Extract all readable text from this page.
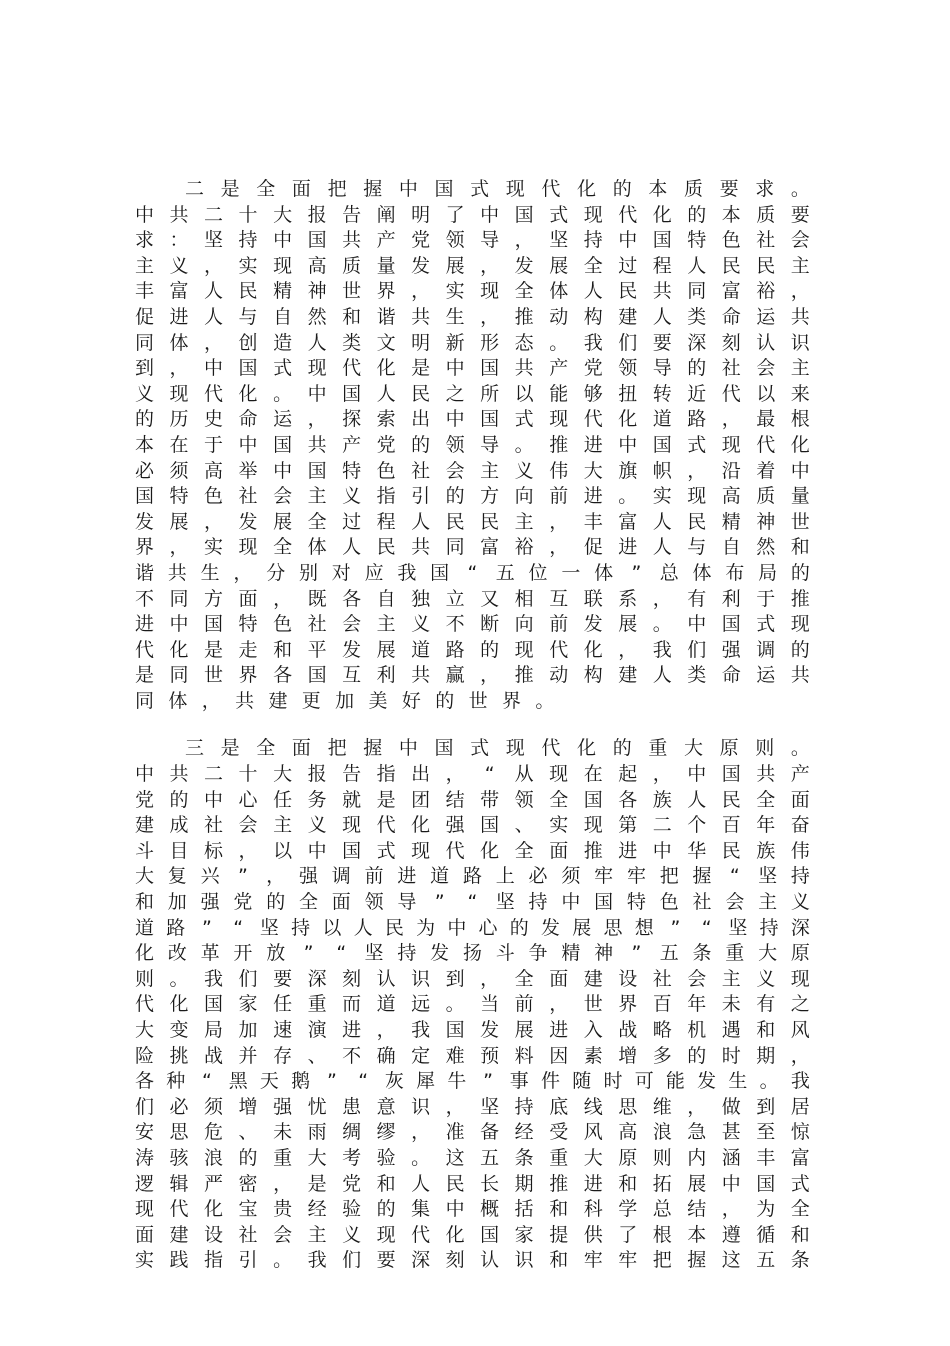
二 是 全 面 把 握 中 国 式 现 代 化 的 本 质 要 求 。
中 共 二 十 大 报 告 阐 明 了 中 国 式 现 代 化 的 本 质 要
求 ： 坚 持 中 国 共 产 党 领 导 ， 坚 持 中 国 特 色 社 会
主 义 ， 实 现 高 质 量 发 展 ， 发 展 全 过 程 人 民 民 主
丰 富 人 民 精 神 世 界 ， 实 现 全 体 人 民 共 同 富 裕 ，
促 进 人 与 自 然 和 谐 共 生 ， 推 动 构 建 人 类 命 运 共
同 体 ， 创 造 人 类 文 明 新 形 态 。 我 们 要 深 刻 认 识
到 ， 中 国 式 现 代 化 是 中 国 共 产 党 领 导 的 社 会 主
义 现 代 化 。 中 国 人 民 之 所 以 能 够 扭 转 近 代 以 来
的 历 史 命 运 ， 探 索 出 中 国 式 现 代 化 道 路 ， 最 根
本 在 于 中 国 共 产 党 的 领 导 。 推 进 中 国 式 现 代 化
必 须 高 举 中 国 特 色 社 会 主 义 伟 大 旗 帜 ， 沿 着 中
国 特 色 社 会 主 义 指 引 的 方 向 前 进 。 实 现 高 质 量
发 展 ， 发 展 全 过 程 人 民 民 主 ， 丰 富 人 民 精 神 世
界 ， 实 现 全 体 人 民 共 同 富 裕 ， 促 进 人 与 自 然 和
谐 共 生 ， 分 别 对 应 我 国 “ 五 位 一 体 ” 总 体 布 局 的
不 同 方 面 ， 既 各 自 独 立 又 相 互 联 系 ， 有 利 于 推
进 中 国 特 色 社 会 主 义 不 断 向 前 发 展 。 中 国 式 现
代 化 是 走 和 平 发 展 道 路 的 现 代 化 ， 我 们 强 调 的
是 同 世 界 各 国 互 利 共 赢 ， 推 动 构 建 人 类 命 运 共
同 体 ， 共 建 更 加 美 好 的 世 界 。
三 是 全 面 把 握 中 国 式 现 代 化 的 重 大 原 则 。
中 共 二 十 大 报 告 指 出 ， “ 从 现 在 起 ， 中 国 共 产
党 的 中 心 任 务 就 是 团 结 带 领 全 国 各 族 人 民 全 面
建 成 社 会 主 义 现 代 化 强 国 、 实 现 第 二 个 百 年 奋
斗 目 标 ， 以 中 国 式 现 代 化 全 面 推 进 中 华 民 族 伟
大 复 兴 ” ， 强 调 前 进 道 路 上 必 须 牢 牢 把 握 “ 坚 持
和 加 强 党 的 全 面 领 导 ” “ 坚 持 中 国 特 色 社 会 主 义
道 路 ” “ 坚 持 以 人 民 为 中 心 的 发 展 思 想 ” “ 坚 持 深
化 改 革 开 放 ” “ 坚 持 发 扬 斗 争 精 神 ” 五 条 重 大 原
则 。 我 们 要 深 刻 认 识 到 ， 全 面 建 设 社 会 主 义 现
代 化 国 家 任 重 而 道 远 。 当 前 ， 世 界 百 年 未 有 之
大 变 局 加 速 演 进 ， 我 国 发 展 进 入 战 略 机 遇 和 风
险 挑 战 并 存 、 不 确 定 难 预 料 因 素 增 多 的 时 期 ，
各 种 “ 黑 天 鹅 ” “ 灰 犀 牛 ” 事 件 随 时 可 能 发 生 。 我
们 必 须 增 强 忧 患 意 识 ， 坚 持 底 线 思 维 ， 做 到 居
安 思 危 、 未 雨 绸 缪 ， 准 备 经 受 风 高 浪 急 甚 至 惊
涛 骇 浪 的 重 大 考 验 。 这 五 条 重 大 原 则 内 涵 丰 富
逻 辑 严 密 ， 是 党 和 人 民 长 期 推 进 和 拓 展 中 国 式
现 代 化 宝 贵 经 验 的 集 中 概 括 和 科 学 总 结 ， 为 全
面 建 设 社 会 主 义 现 代 化 国 家 提 供 了 根 本 遵 循 和
实 践 指 引 。 我 们 要 深 刻 认 识 和 牢 牢 把 握 这 五 条
